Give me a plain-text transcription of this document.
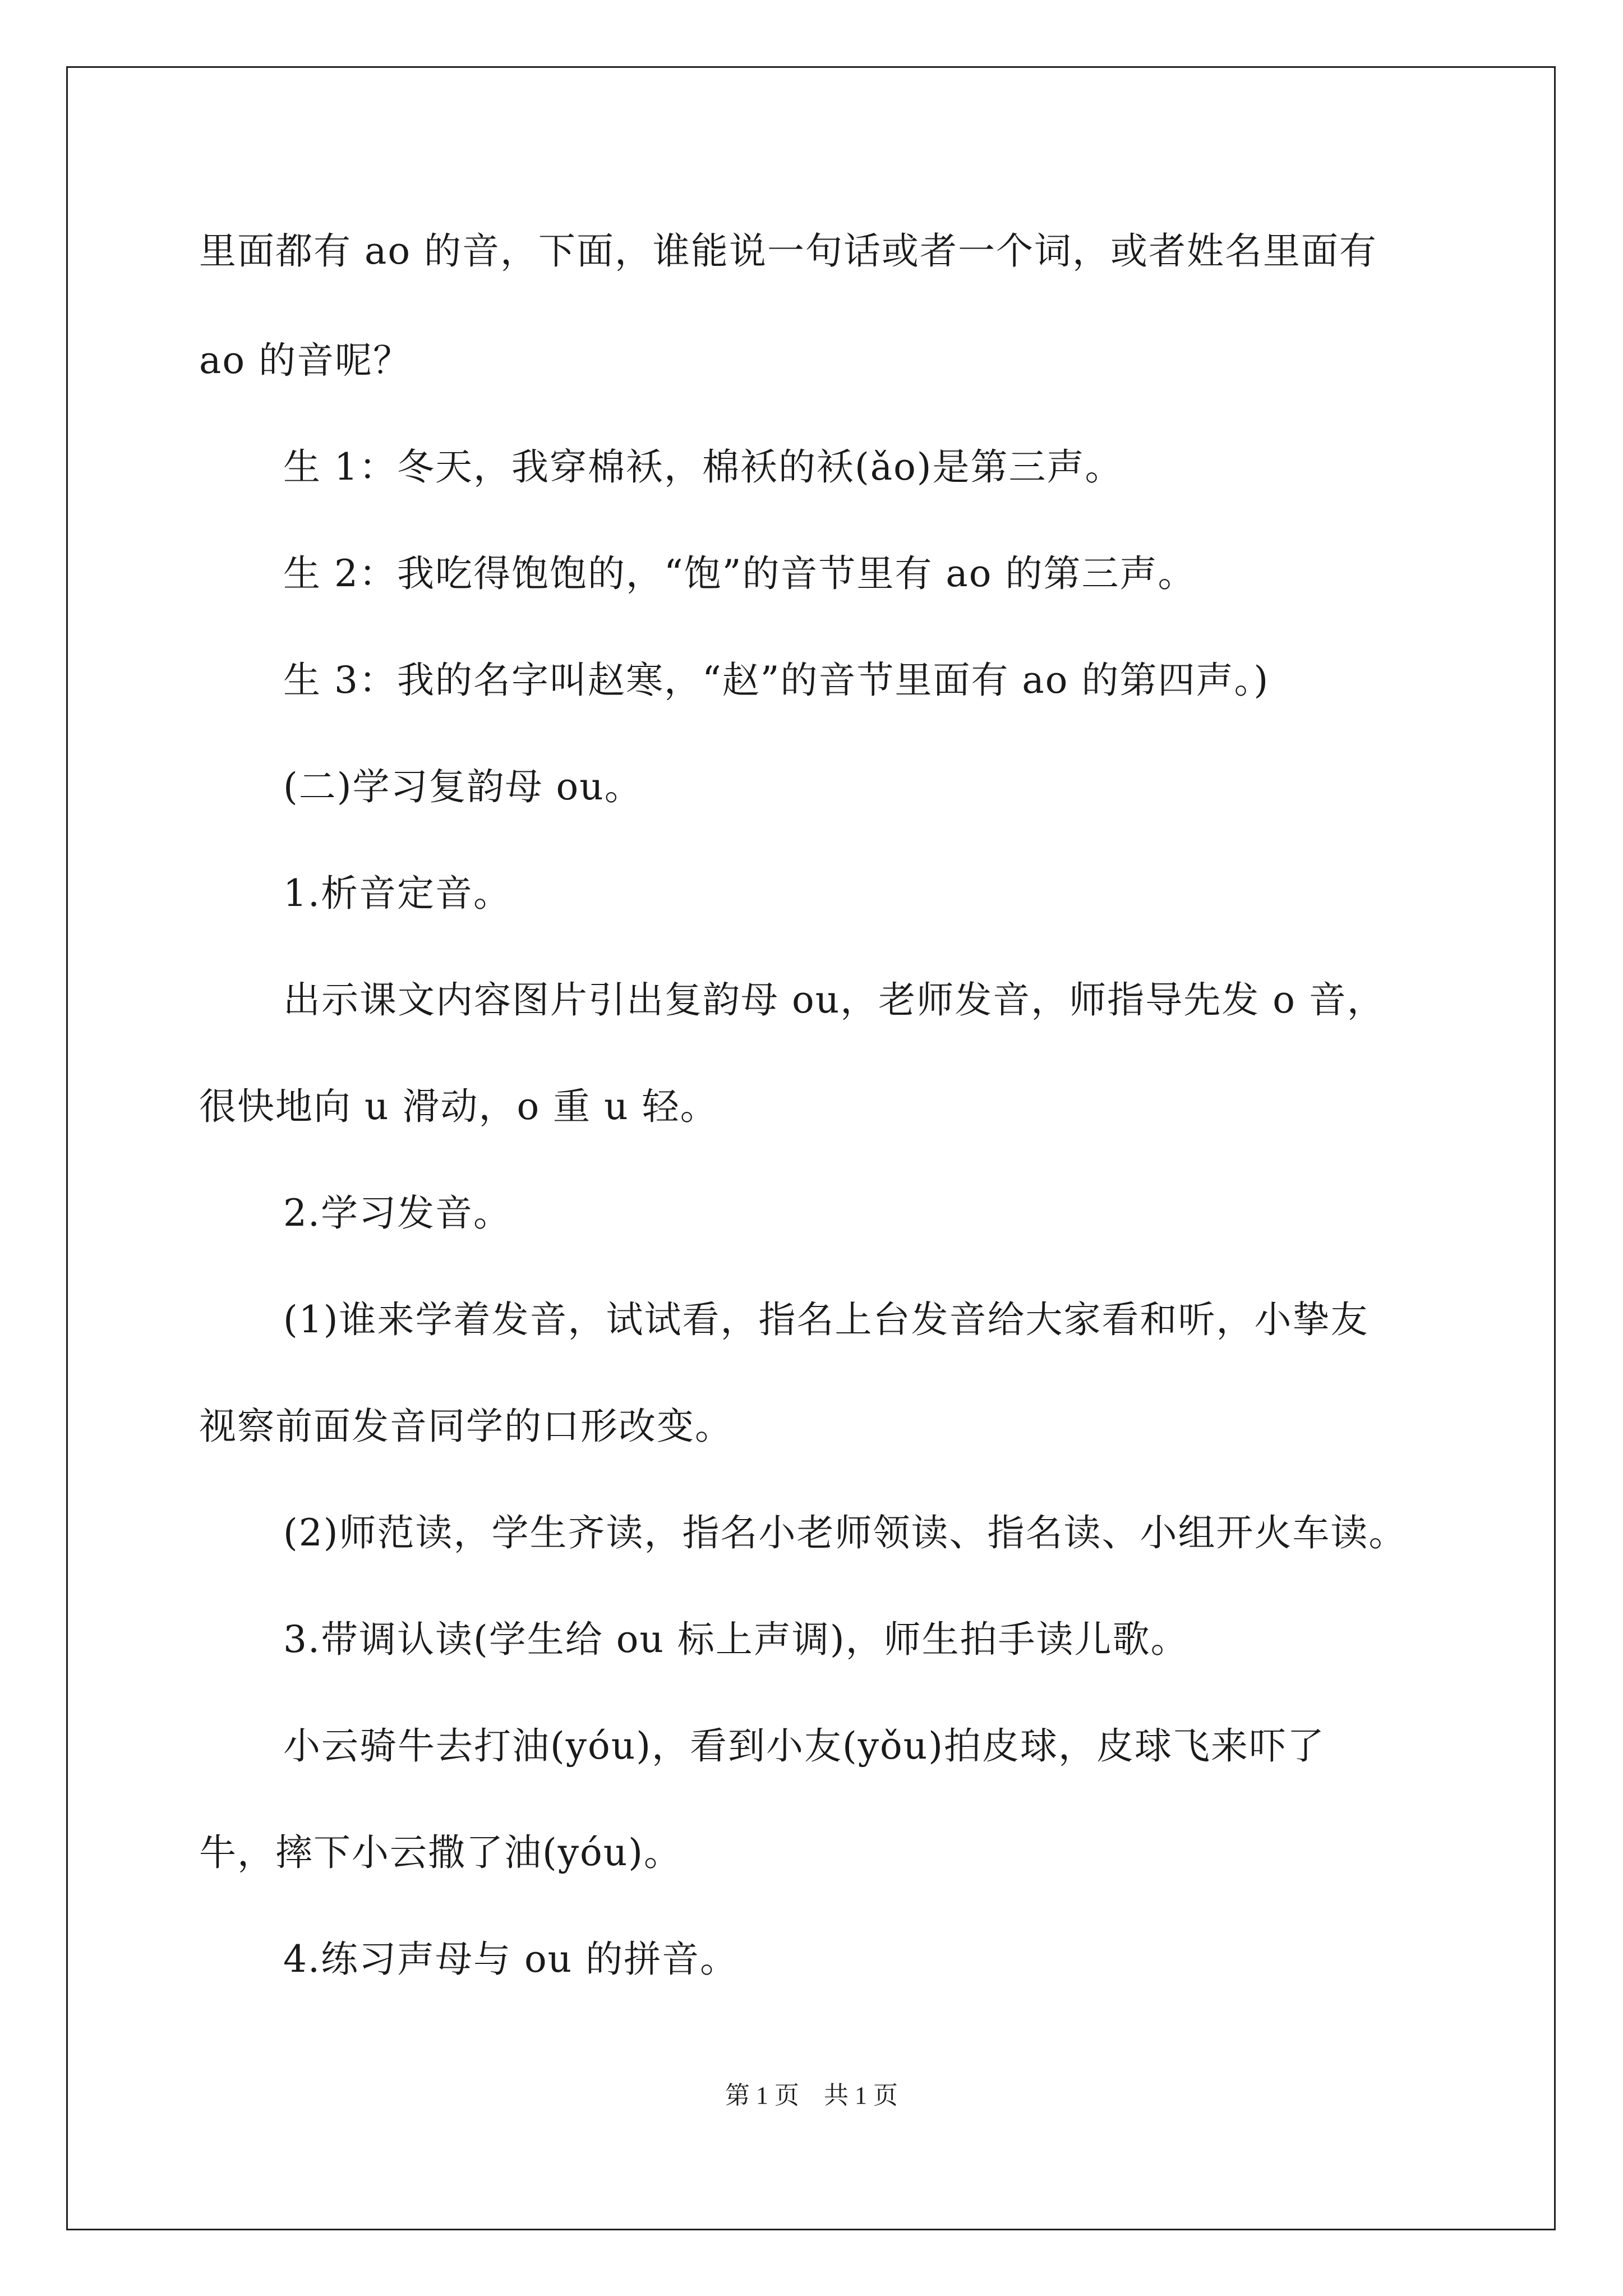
里面都有 ao 的音，下面，谁能说一句话或者一个词，或者姓名里面有
ao 的音呢？
生 1：冬天，我穿棉袄，棉袄的袄(ǎo)是第三声。
生 2：我吃得饱饱的，“饱”的音节里有 ao 的第三声。
生 3：我的名字叫赵寒，“赵”的音节里面有 ao 的第四声。)
(二)学习复韵母 ou。
1.析音定音。
出示课文内容图片引出复韵母 ou，老师发音，师指导先发 o 音，
很快地向 u 滑动，o 重 u 轻。
2.学习发音。
(1)谁来学着发音，试试看，指名上台发音给大家看和听，小挚友
视察前面发音同学的口形改变。
(2)师范读，学生齐读，指名小老师领读、指名读、小组开火车读。
3.带调认读(学生给 ou 标上声调)，师生拍手读儿歌。
小云骑牛去打油(yóu)，看到小友(yǒu)拍皮球，皮球飞来吓了
牛，摔下小云撒了油(yóu)。
4.练习声母与 ou 的拼音。
第 1 页　共 1 页
